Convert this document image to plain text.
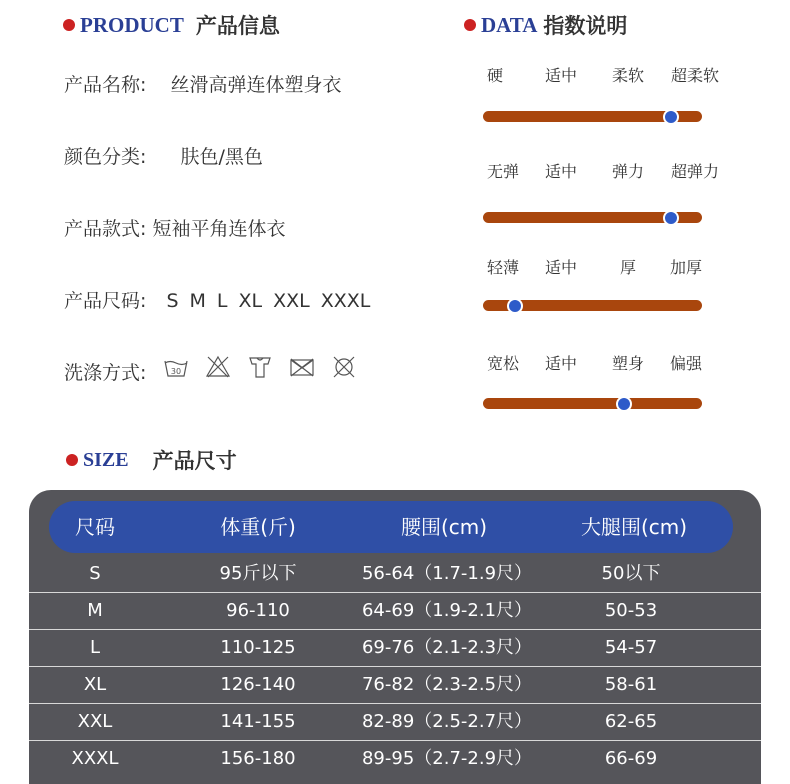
PRODUCT 产品信息	DATA 指数说明
产品名称: 丝滑高弹连体塑身衣
颜色分类: 肤色/黑色
产品款式: 短袖平角连体衣
产品尺码: S M L XL XXL XXXL
洗涤方式:	30
硬	适中 柔软 超柔软
无弹 适中 弹力 超弹力
轻薄 适中	厚 加厚
宽松 适中 塑身 偏强
SIZE 产品尺寸
尺码	体重(斤)	腰围(cm)	大腿围(cm)
S	95斤以下	56-64（1.7-1.9尺）	50以下
M	96-110	64-69（1.9-2.1尺）	50-53
L	110-125	69-76（2.1-2.3尺）	54-57
XL	126-140	76-82（2.3-2.5尺）	58-61
XXL	141-155	82-89（2.5-2.7尺）	62-65
XXXL	156-180	89-95（2.7-2.9尺）	66-69
